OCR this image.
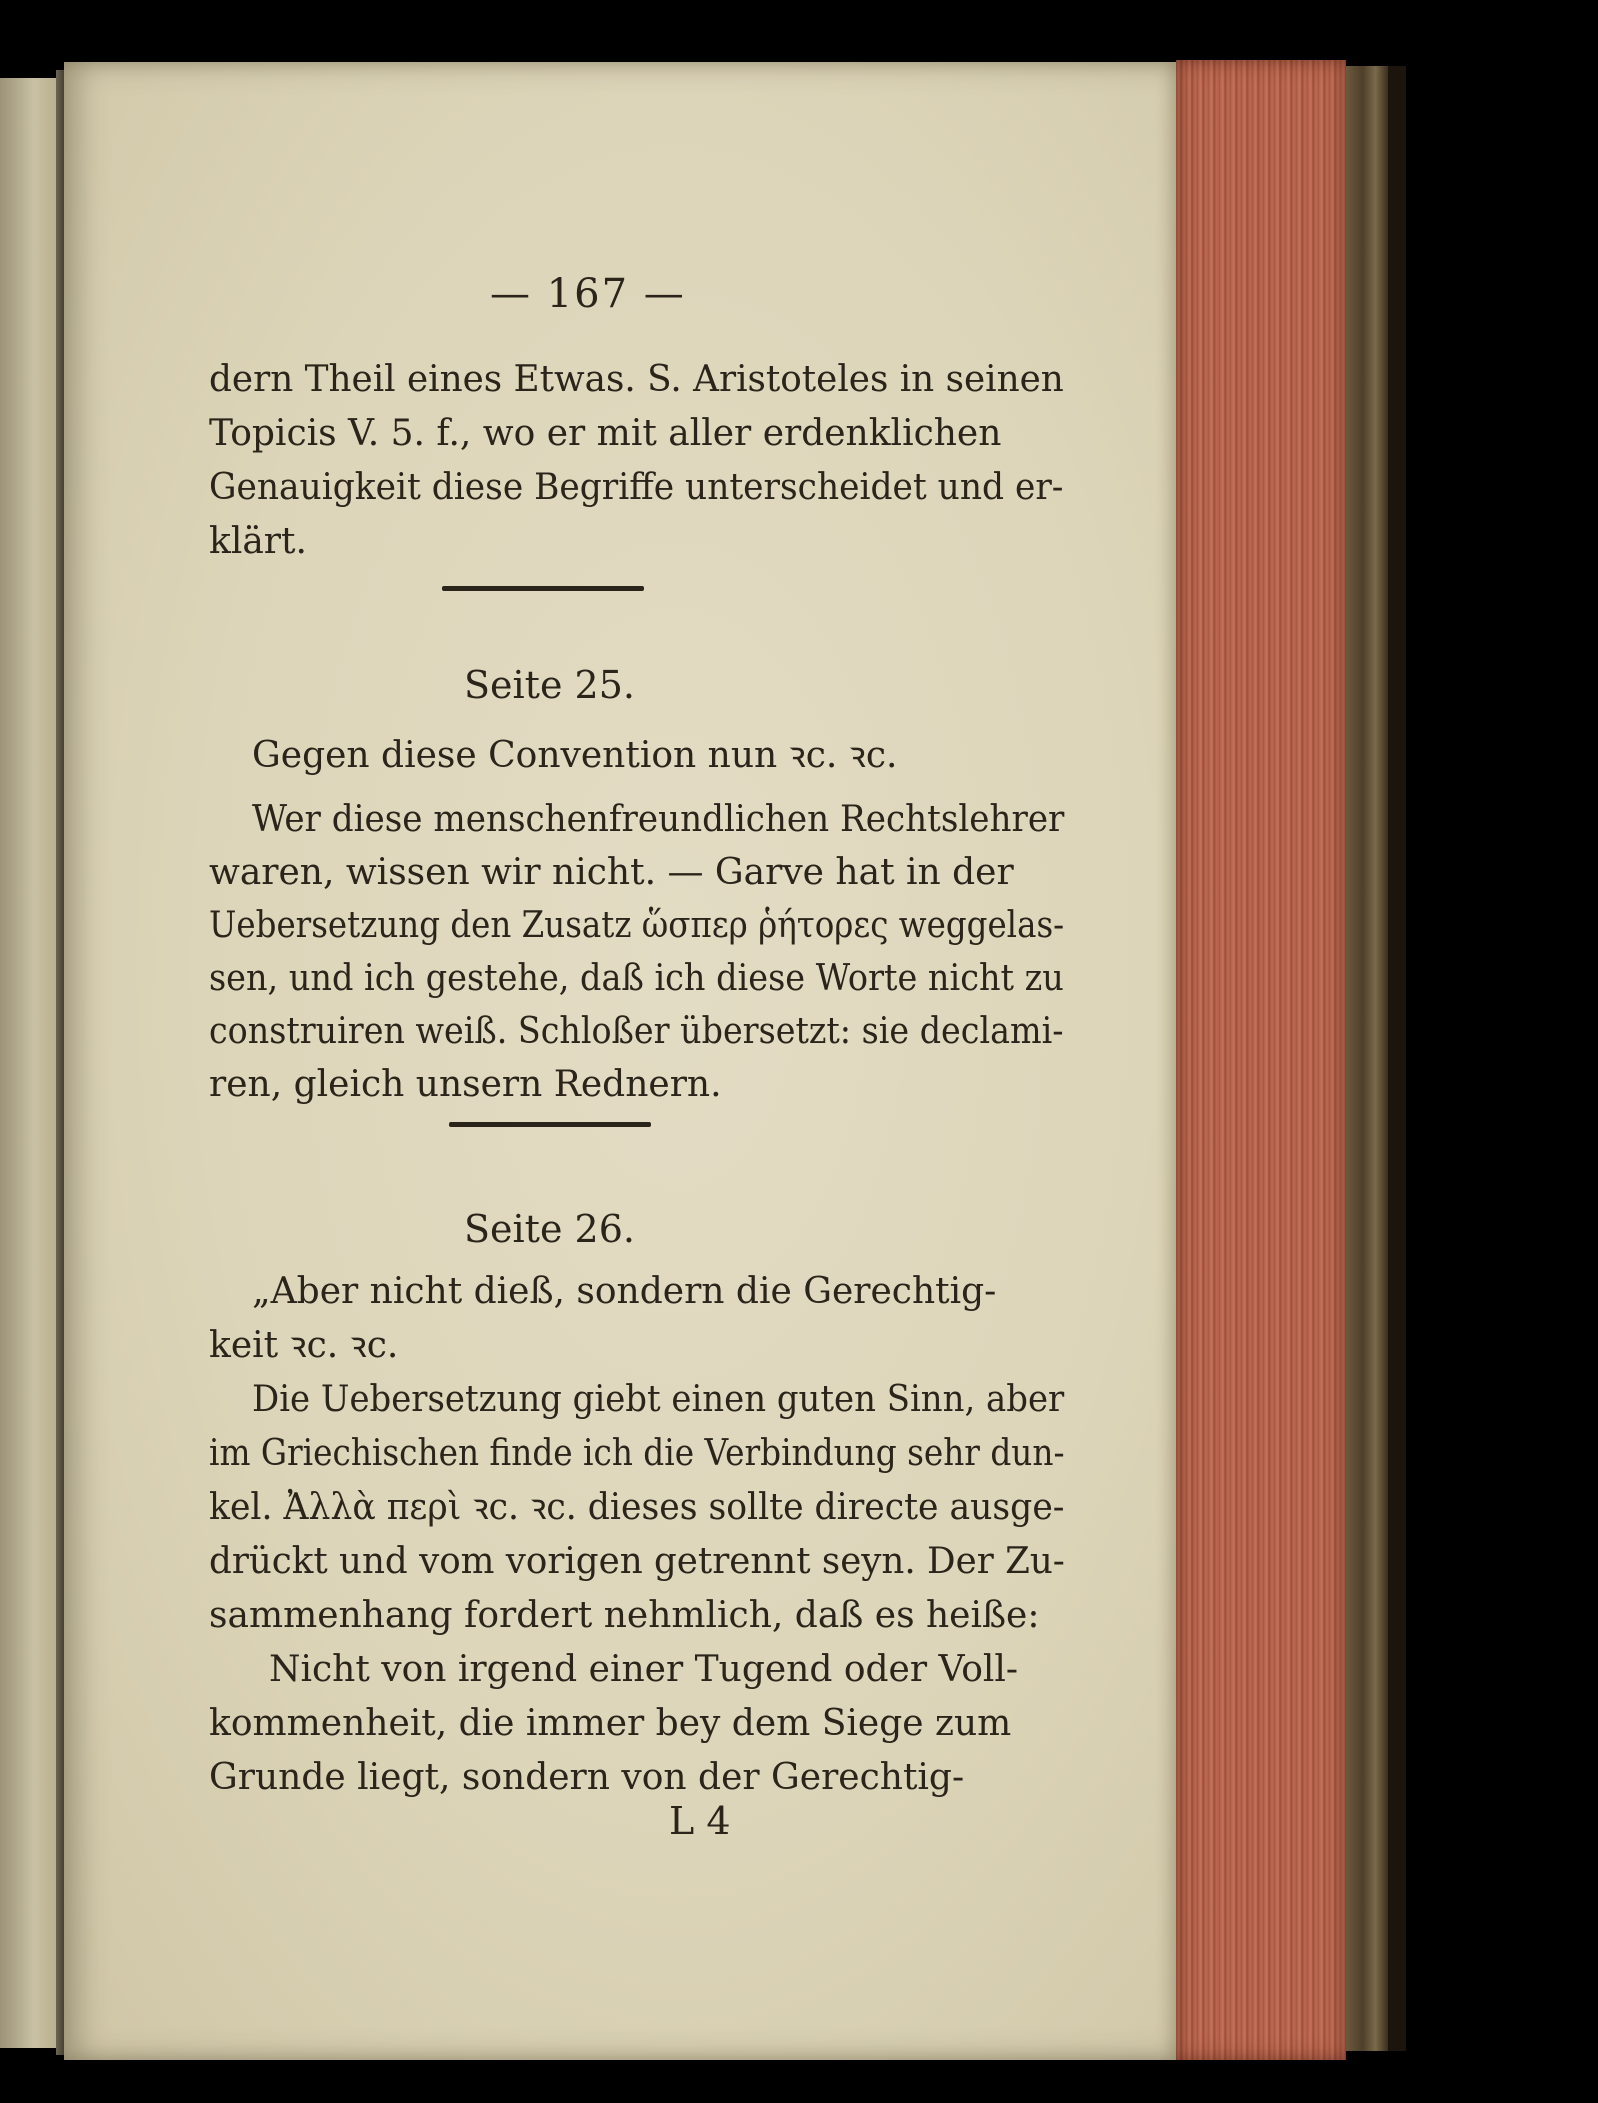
— 167 —
dern Theil eines Etwas. S. Aristoteles in seinen
Topicis V. 5. f., wo er mit aller erdenklichen
Genauigkeit diese Begriffe unterscheidet und er-
klärt.
Seite 25.
Gegen diese Convention nun ꝛc. ꝛc.
Wer diese menschenfreundlichen Rechtslehrer
waren, wissen wir nicht. — Garve hat in der
Uebersetzung den Zusatz ὥσπερ ῥήτορες weggelas-
sen, und ich gestehe, daß ich diese Worte nicht zu
construiren weiß. Schloßer übersetzt: sie declami-
ren, gleich unsern Rednern.
Seite 26.
„Aber nicht dieß, sondern die Gerechtig-
keit ꝛc. ꝛc.
Die Uebersetzung giebt einen guten Sinn, aber
im Griechischen finde ich die Verbindung sehr dun-
kel. Ἀλλὰ περὶ ꝛc. ꝛc. dieses sollte directe ausge-
drückt und vom vorigen getrennt seyn. Der Zu-
sammenhang fordert nehmlich, daß es heiße:
Nicht von irgend einer Tugend oder Voll-
kommenheit, die immer bey dem Siege zum
Grunde liegt, sondern von der Gerechtig-
L 4
